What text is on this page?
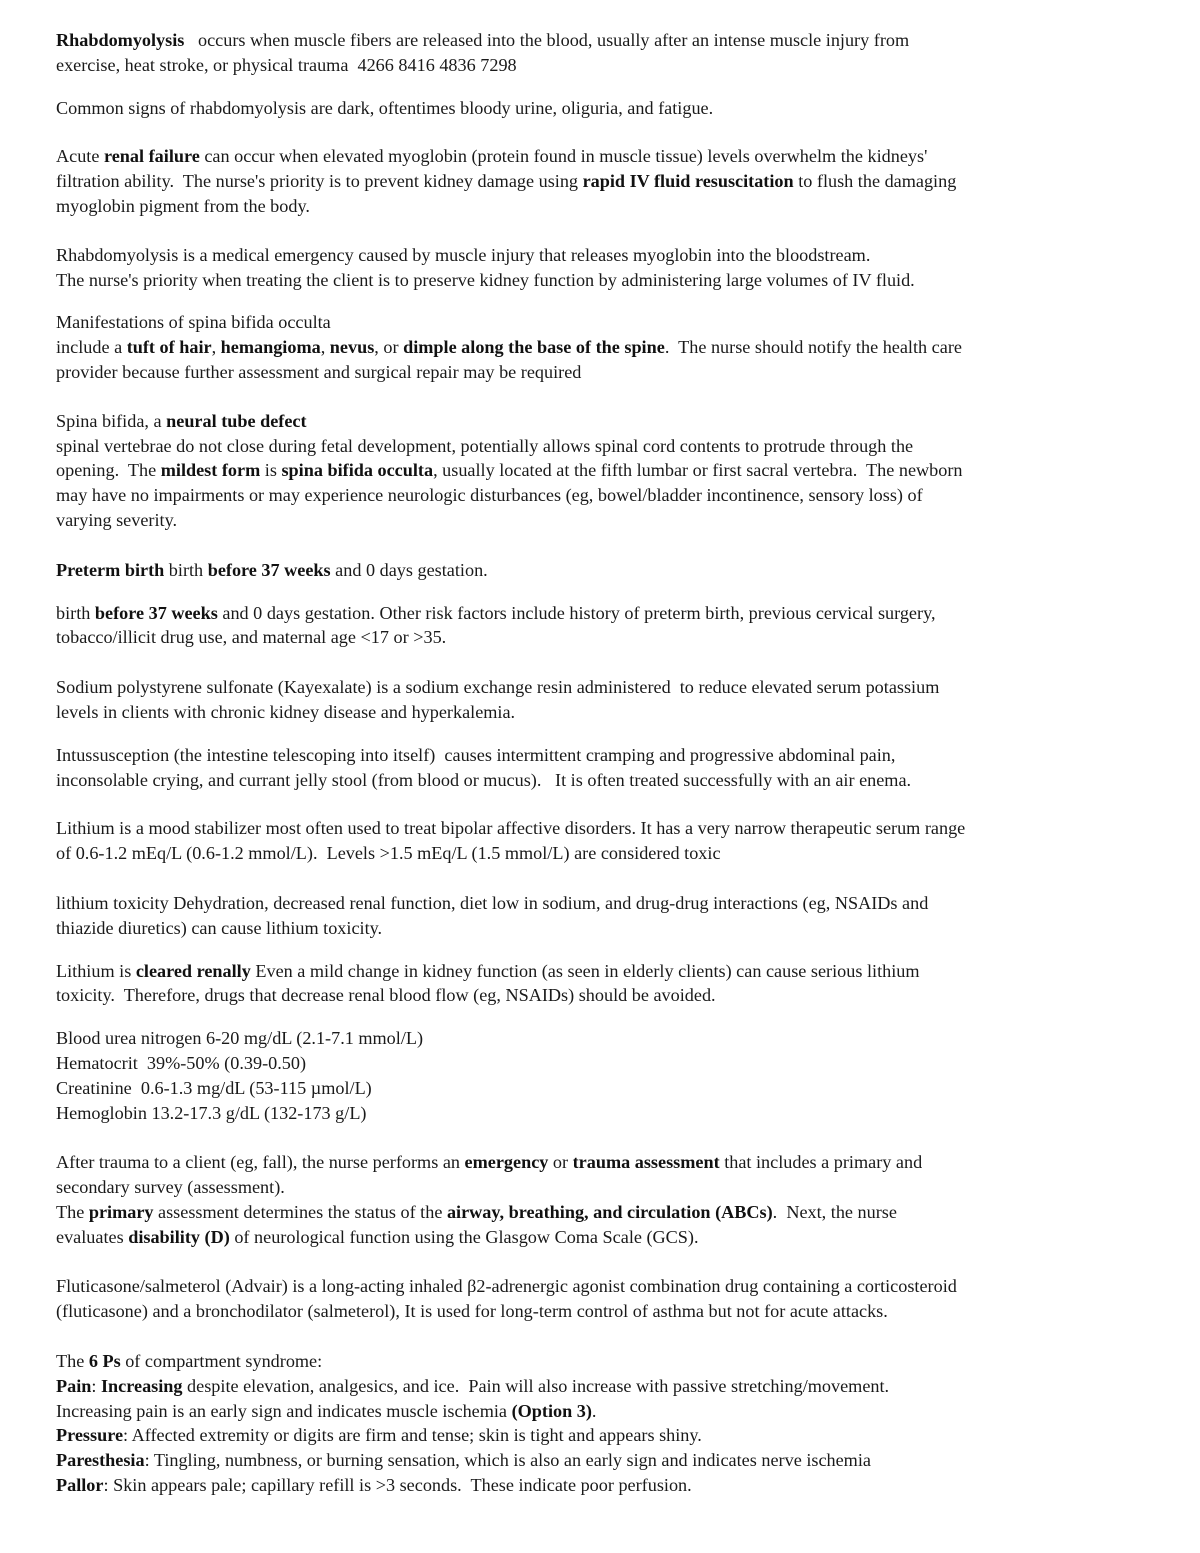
Rhabdomyolysis   occurs when muscle fibers are released into the blood, usually after an intense muscle injury from
exercise, heat stroke, or physical trauma  4266 8416 4836 7298
Common signs of rhabdomyolysis are dark, oftentimes bloody urine, oliguria, and fatigue.
Acute renal failure can occur when elevated myoglobin (protein found in muscle tissue) levels overwhelm the kidneys'
filtration ability.  The nurse's priority is to prevent kidney damage using rapid IV fluid resuscitation to flush the damaging
myoglobin pigment from the body.
Rhabdomyolysis is a medical emergency caused by muscle injury that releases myoglobin into the bloodstream.
The nurse's priority when treating the client is to preserve kidney function by administering large volumes of IV fluid.
Manifestations of spina bifida occulta
include a tuft of hair, hemangioma, nevus, or dimple along the base of the spine.  The nurse should notify the health care
provider because further assessment and surgical repair may be required
Spina bifida, a neural tube defect
spinal vertebrae do not close during fetal development, potentially allows spinal cord contents to protrude through the
opening.  The mildest form is spina bifida occulta, usually located at the fifth lumbar or first sacral vertebra.  The newborn
may have no impairments or may experience neurologic disturbances (eg, bowel/bladder incontinence, sensory loss) of
varying severity.
Preterm birth birth before 37 weeks and 0 days gestation.
birth before 37 weeks and 0 days gestation. Other risk factors include history of preterm birth, previous cervical surgery,
tobacco/illicit drug use, and maternal age <17 or >35.
Sodium polystyrene sulfonate (Kayexalate) is a sodium exchange resin administered  to reduce elevated serum potassium
levels in clients with chronic kidney disease and hyperkalemia.
Intussusception (the intestine telescoping into itself)  causes intermittent cramping and progressive abdominal pain,
inconsolable crying, and currant jelly stool (from blood or mucus).   It is often treated successfully with an air enema.
Lithium is a mood stabilizer most often used to treat bipolar affective disorders. It has a very narrow therapeutic serum range
of 0.6-1.2 mEq/L (0.6-1.2 mmol/L).  Levels >1.5 mEq/L (1.5 mmol/L) are considered toxic
lithium toxicity Dehydration, decreased renal function, diet low in sodium, and drug-drug interactions (eg, NSAIDs and
thiazide diuretics) can cause lithium toxicity.
Lithium is cleared renally Even a mild change in kidney function (as seen in elderly clients) can cause serious lithium
toxicity.  Therefore, drugs that decrease renal blood flow (eg, NSAIDs) should be avoided.
Blood urea nitrogen 6-20 mg/dL (2.1-7.1 mmol/L)
Hematocrit  39%-50% (0.39-0.50)
Creatinine  0.6-1.3 mg/dL (53-115 µmol/L)
Hemoglobin 13.2-17.3 g/dL (132-173 g/L)
After trauma to a client (eg, fall), the nurse performs an emergency or trauma assessment that includes a primary and
secondary survey (assessment).
The primary assessment determines the status of the airway, breathing, and circulation (ABCs).  Next, the nurse
evaluates disability (D) of neurological function using the Glasgow Coma Scale (GCS).
Fluticasone/salmeterol (Advair) is a long-acting inhaled β2-adrenergic agonist combination drug containing a corticosteroid
(fluticasone) and a bronchodilator (salmeterol), It is used for long-term control of asthma but not for acute attacks.
The 6 Ps of compartment syndrome:
Pain: Increasing despite elevation, analgesics, and ice.  Pain will also increase with passive stretching/movement.
Increasing pain is an early sign and indicates muscle ischemia (Option 3).
Pressure: Affected extremity or digits are firm and tense; skin is tight and appears shiny.
Paresthesia: Tingling, numbness, or burning sensation, which is also an early sign and indicates nerve ischemia
Pallor: Skin appears pale; capillary refill is >3 seconds.  These indicate poor perfusion.
